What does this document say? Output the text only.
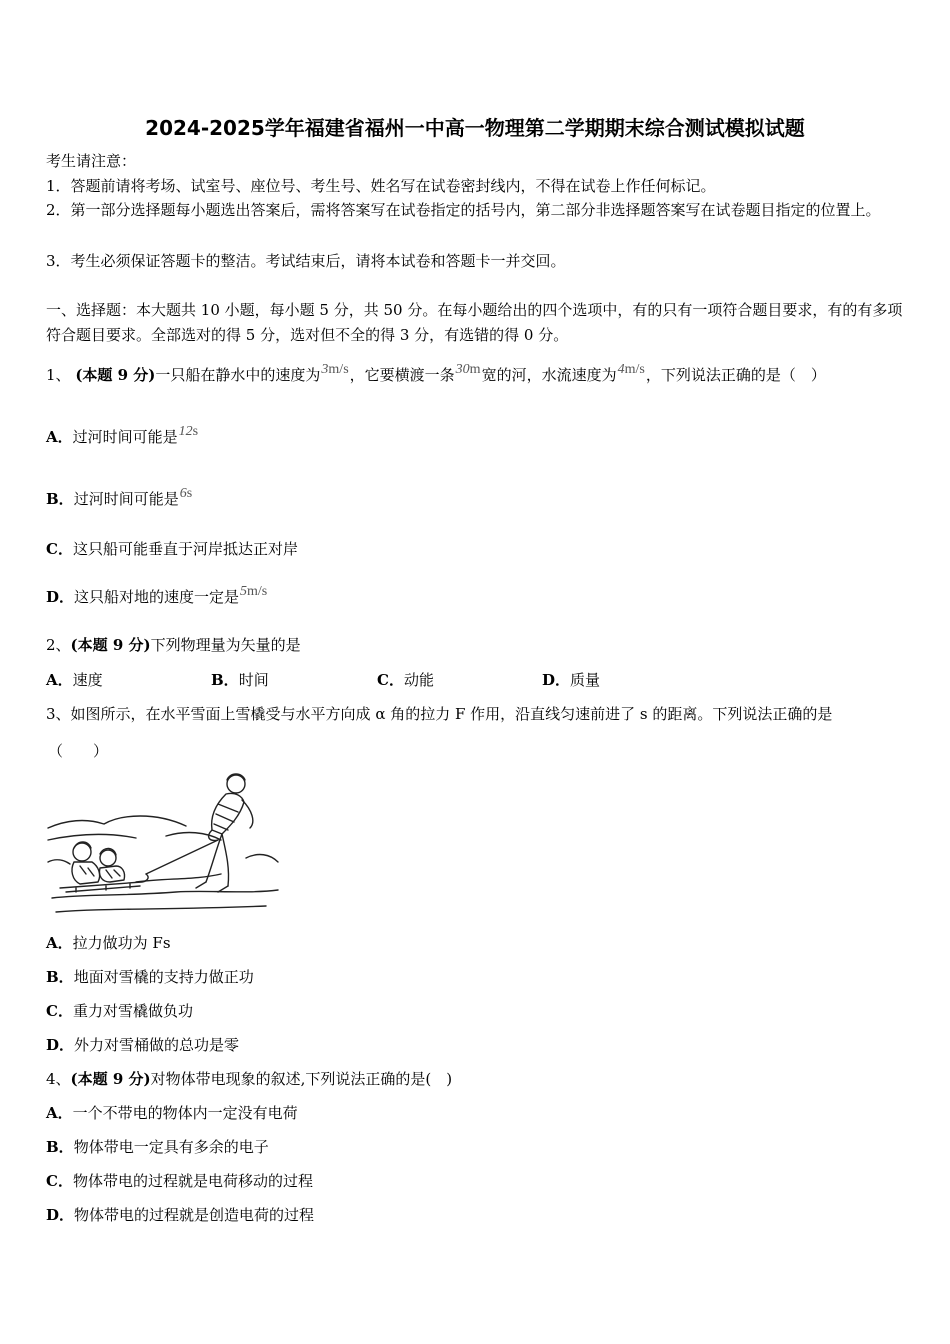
2024-2025学年福建省福州一中高一物理第二学期期末综合测试模拟试题
考生请注意：
1．答题前请将考场、试室号、座位号、考生号、姓名写在试卷密封线内，不得在试卷上作任何标记。
2．第一部分选择题每小题选出答案后，需将答案写在试卷指定的括号内，第二部分非选择题答案写在试卷题目指定的位置上。
3．考生必须保证答题卡的整洁。考试结束后，请将本试卷和答题卡一并交回。
一、选择题：本大题共 10 小题，每小题 5 分，共 50 分。在每小题给出的四个选项中，有的只有一项符合题目要求，有的有多项符合题目要求。全部选对的得 5 分，选对但不全的得 3 分，有选错的得 0 分。
1、 (本题 9 分)一只船在静水中的速度为3m/s，它要横渡一条30m宽的河，水流速度为4m/s，下列说法正确的是（　）
A．过河时间可能是12s
B．过河时间可能是6s
C．这只船可能垂直于河岸抵达正对岸
D．这只船对地的速度一定是5m/s
2、(本题 9 分)下列物理量为矢量的是
A．速度	B．时间	C．动能	D．质量
3、如图所示，在水平雪面上雪橇受与水平方向成 α 角的拉力 F 作用，沿直线匀速前进了 s 的距离。下列说法正确的是
（　　）
A．拉力做功为 Fs
B．地面对雪橇的支持力做正功
C．重力对雪橇做负功
D．外力对雪桶做的总功是零
4、(本题 9 分)对物体带电现象的叙述,下列说法正确的是(　)
A．一个不带电的物体内一定没有电荷
B．物体带电一定具有多余的电子
C．物体带电的过程就是电荷移动的过程
D．物体带电的过程就是创造电荷的过程
